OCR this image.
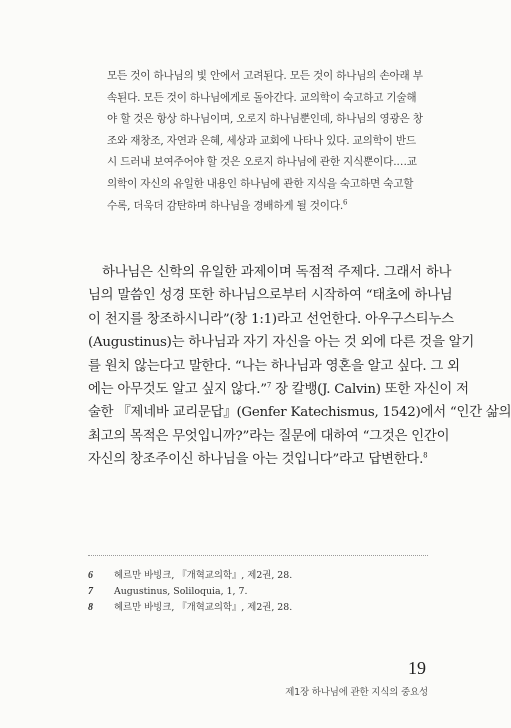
모든 것이 하나님의 빛 안에서 고려된다. 모든 것이 하나님의 손아래 부
속된다. 모든 것이 하나님에게로 돌아간다. 교의학이 숙고하고 기술해
야 할 것은 항상 하나님이며, 오로지 하나님뿐인데, 하나님의 영광은 창
조와 재창조, 자연과 은혜, 세상과 교회에 나타나 있다. 교의학이 반드
시 드러내 보여주어야 할 것은 오로지 하나님에 관한 지식뿐이다.…교
의학이 자신의 유일한 내용인 하나님에 관한 지식을 숙고하면 숙고할
수록, 더욱더 감탄하며 하나님을 경배하게 될 것이다.$^6$
하나님은 신학의 유일한 과제이며 독점적 주제다. 그래서 하나
님의 말씀인 성경 또한 하나님으로부터 시작하여 “태초에 하나님
이 천지를 창조하시니라”(창 1:1)라고 선언한다. 아우구스티누스
(Augustinus)는 하나님과 자기 자신을 아는 것 외에 다른 것을 알기
를 원치 않는다고 말한다. “나는 하나님과 영혼을 알고 싶다. 그 외
에는 아무것도 알고 싶지 않다.”$^7$ 장 칼뱅(J. Calvin) 또한 자신이 저
술한 『제네바 교리문답』(Genfer Katechismus, 1542)에서 “인간 삶의
최고의 목적은 무엇입니까?”라는 질문에 대하여 “그것은 인간이
자신의 창조주이신 하나님을 아는 것입니다”라고 답변한다.$^8$
6	헤르만 바빙크, 『개혁교의학』, 제2권, 28.
7	Augustinus, Soliloquia, 1, 7.
8	헤르만 바빙크, 『개혁교의학』, 제2권, 28.
19
제1장 하나님에 관한 지식의 중요성
